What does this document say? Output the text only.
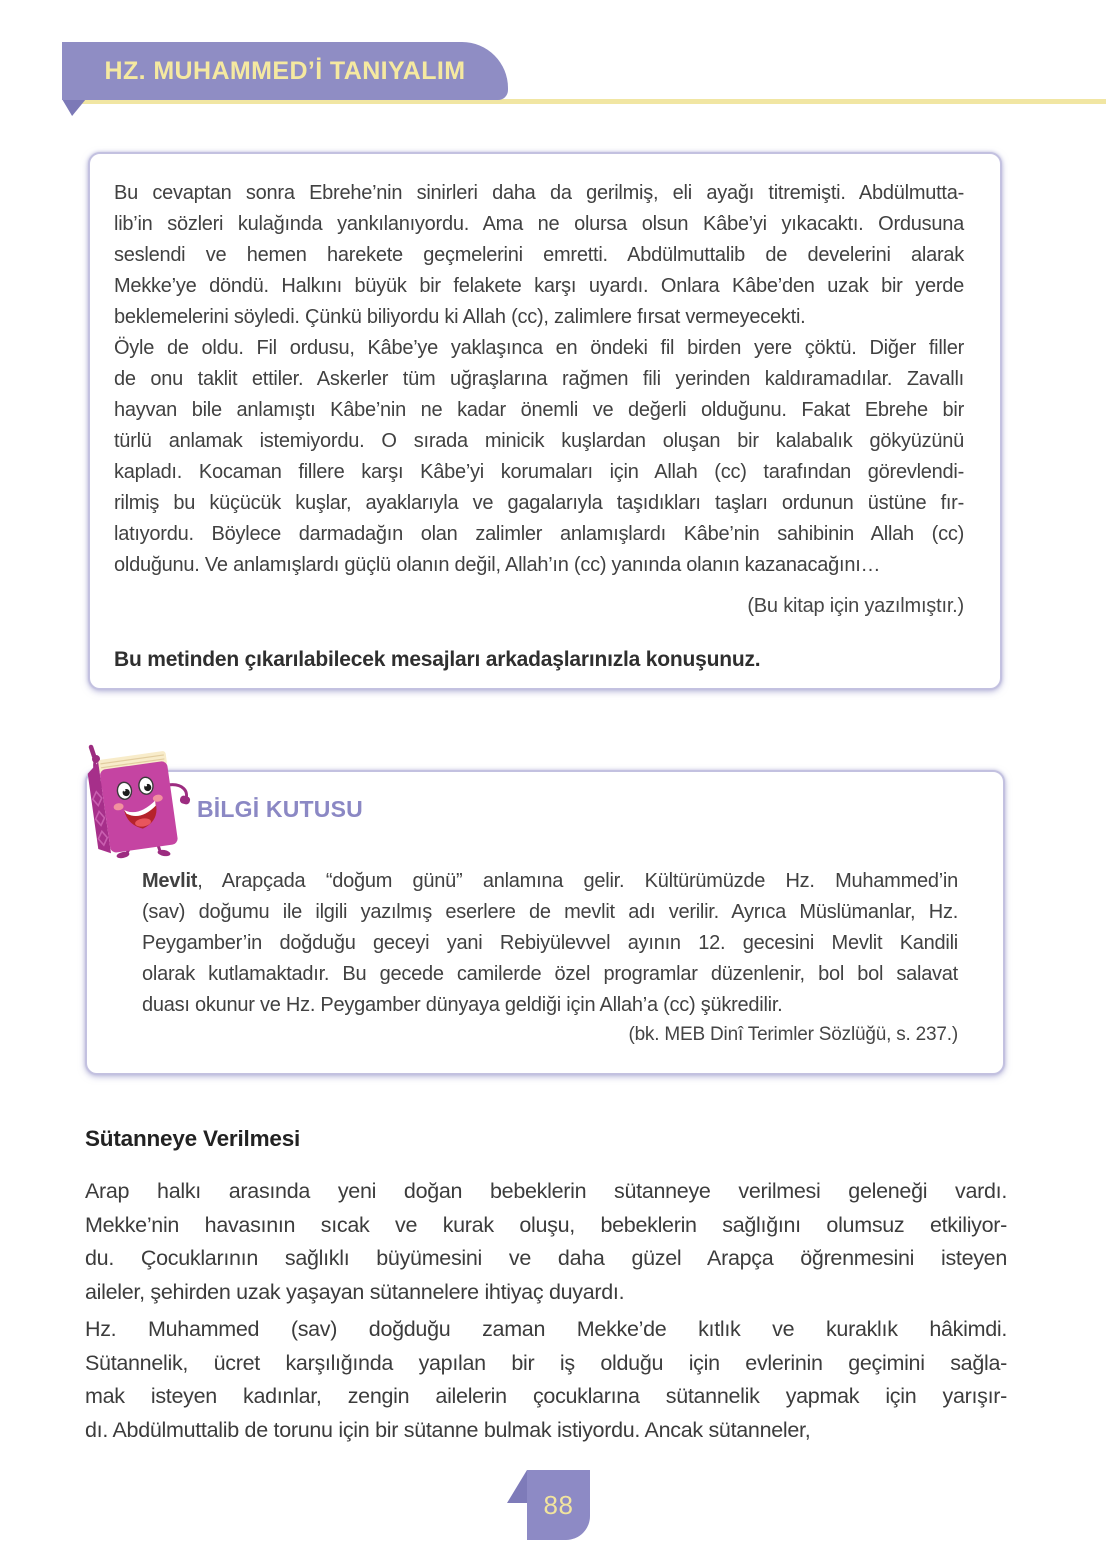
HZ. MUHAMMED’İ TANIYALIM
Bu cevaptan sonra Ebrehe’nin sinirleri daha da gerilmiş, eli ayağı titremişti. Abdülmutta-
lib’in sözleri kulağında yankılanıyordu. Ama ne olursa olsun Kâbe’yi yıkacaktı. Ordusuna
seslendi ve hemen harekete geçmelerini emretti. Abdülmuttalib de develerini alarak
Mekke’ye döndü. Halkını büyük bir felakete karşı uyardı. Onlara Kâbe’den uzak bir yerde
beklemelerini söyledi. Çünkü biliyordu ki Allah (cc), zalimlere fırsat vermeyecekti.
Öyle de oldu. Fil ordusu, Kâbe’ye yaklaşınca en öndeki fil birden yere çöktü. Diğer filler
de onu taklit ettiler. Askerler tüm uğraşlarına rağmen fili yerinden kaldıramadılar. Zavallı
hayvan bile anlamıştı Kâbe’nin ne kadar önemli ve değerli olduğunu. Fakat Ebrehe bir
türlü anlamak istemiyordu. O sırada minicik kuşlardan oluşan bir kalabalık gökyüzünü
kapladı. Kocaman fillere karşı Kâbe’yi korumaları için Allah (cc) tarafından görevlendi-
rilmiş bu küçücük kuşlar, ayaklarıyla ve gagalarıyla taşıdıkları taşları ordunun üstüne fır-
latıyordu. Böylece darmadağın olan zalimler anlamışlardı Kâbe’nin sahibinin Allah (cc)
olduğunu. Ve anlamışlardı güçlü olanın değil, Allah’ın (cc) yanında olanın kazanacağını…
(Bu kitap için yazılmıştır.)
Bu metinden çıkarılabilecek mesajları arkadaşlarınızla konuşunuz.
BİLGİ KUTUSU
Mevlit, Arapçada “doğum günü” anlamına gelir. Kültürümüzde Hz. Muhammed’in
(sav) doğumu ile ilgili yazılmış eserlere de mevlit adı verilir. Ayrıca Müslümanlar, Hz.
Peygamber’in doğduğu geceyi yani Rebiyülevvel ayının 12. gecesini Mevlit Kandili
olarak kutlamaktadır. Bu gecede camilerde özel programlar düzenlenir, bol bol salavat
duası okunur ve Hz. Peygamber dünyaya geldiği için Allah’a (cc) şükredilir.
(bk. MEB Dinî Terimler Sözlüğü, s. 237.)
Sütanneye Verilmesi
Arap halkı arasında yeni doğan bebeklerin sütanneye verilmesi geleneği vardı.
Mekke’nin havasının sıcak ve kurak oluşu, bebeklerin sağlığını olumsuz etkiliyor-
du. Çocuklarının sağlıklı büyümesini ve daha güzel Arapça öğrenmesini isteyen
aileler, şehirden uzak yaşayan sütannelere ihtiyaç duyardı.
Hz. Muhammed (sav) doğduğu zaman Mekke’de kıtlık ve kuraklık hâkimdi.
Sütannelik, ücret karşılığında yapılan bir iş olduğu için evlerinin geçimini sağla-
mak isteyen kadınlar, zengin ailelerin çocuklarına sütannelik yapmak için yarışır-
dı. Abdülmuttalib de torunu için bir sütanne bulmak istiyordu. Ancak sütanneler,
88
